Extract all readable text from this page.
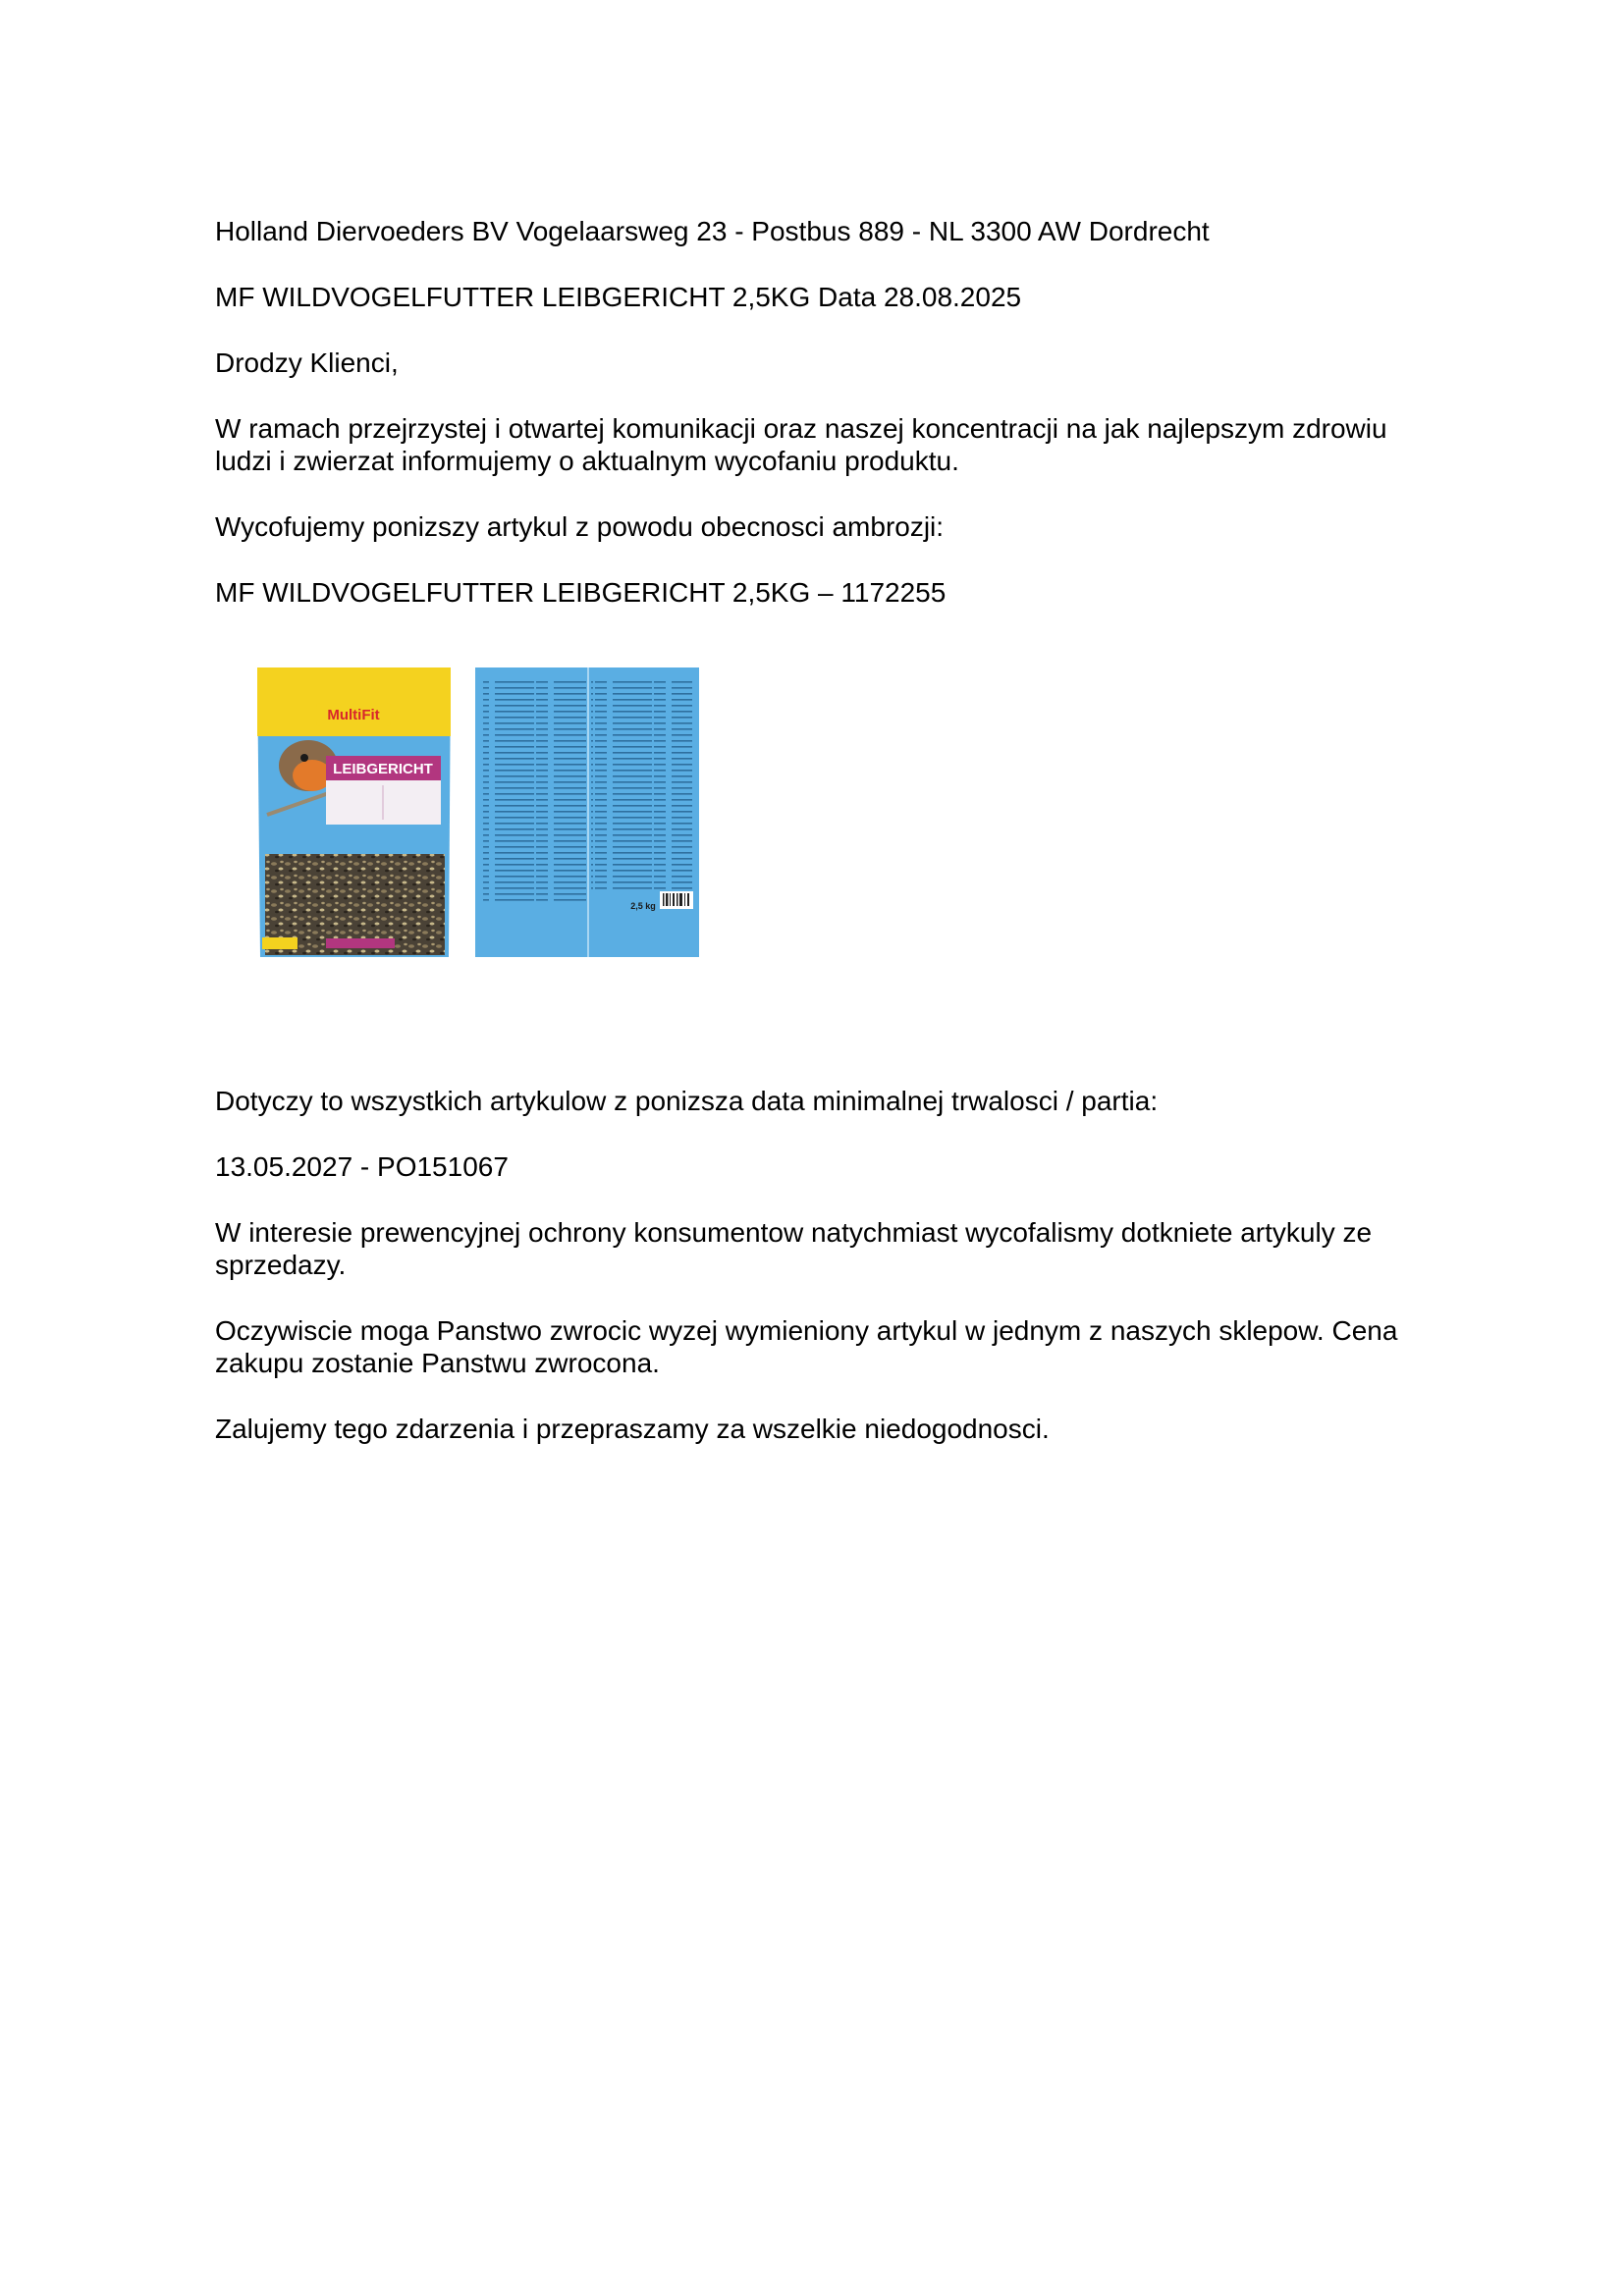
Holland Diervoeders BV Vogelaarsweg 23 - Postbus 889 - NL 3300 AW Dordrecht

MF WILDVOGELFUTTER LEIBGERICHT 2,5KG Data 28.08.2025

Drodzy Klienci,

W ramach przejrzystej i otwartej komunikacji oraz naszej koncentracji na jak najlepszym zdrowiu ludzi i zwierzat informujemy o aktualnym wycofaniu produktu.

Wycofujemy ponizszy artykul z powodu obecnosci ambrozji:

MF WILDVOGELFUTTER LEIBGERICHT 2,5KG – 1172255

MultiFit
LEIBGERICHT
2,5 kg

Dotyczy to wszystkich artykulow z ponizsza data minimalnej trwalosci / partia:

13.05.2027 - PO151067

W interesie prewencyjnej ochrony konsumentow natychmiast wycofalismy dotkniete artykuly ze sprzedazy.

Oczywiscie moga Panstwo zwrocic wyzej wymieniony artykul w jednym z naszych sklepow. Cena zakupu zostanie Panstwu zwrocona.

Zalujemy tego zdarzenia i przepraszamy za wszelkie niedogodnosci.
